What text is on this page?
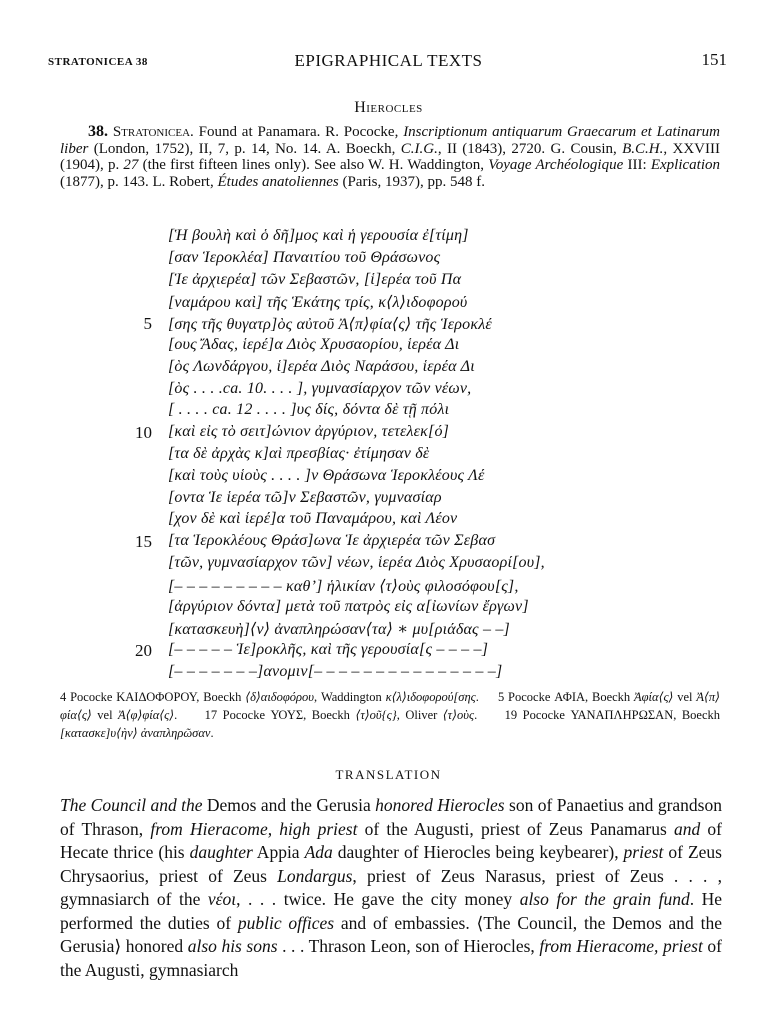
STRATONICEA 38	EPIGRAPHICAL TEXTS	151
Hierocles
38. Stratonicea. Found at Panamara. R. Pococke, Inscriptionum antiquarum Graecarum et Latinarum liber (London, 1752), II, 7, p. 14, No. 14. A. Boeckh, C.I.G., II (1843), 2720. G. Cousin, B.C.H., XXVIII (1904), p. 27 (the first fifteen lines only). See also W. H. Waddington, Voyage Archéologique III: Explication (1877), p. 143. L. Robert, Études anatoliennes (Paris, 1937), pp. 548 f.
[Ἡ βουλὴ καὶ ὁ δῆ]μος καὶ ἡ γερουσία ἐ[τίμη]
[σαν Ἱεροκλέα] Παναιτίου τοῦ Θράσωνος
[Ἱε ἀρχιερέα] τῶν Σεβαστῶν, [ἱ]ερέα τοῦ Πα
[ναμάρου καὶ] τῆς Ἑκάτης τρίς, κ⟨λ⟩ιδοφορού
5 [σης τῆς θυγατρ]ὸς αὐτοῦ Ἀ⟨π⟩φία⟨ς⟩ τῆς Ἱεροκλέ
[ους Ἄδας, ἱερέ]α Διὸς Χρυσαορίου, ἱερέα Δι
[ὸς Λωνδάργου, ἱ]ερέα Διὸς Ναράσου, ἱερέα Δι
[ὸς . . . .ca. 10. . . . ], γυμνασίαρχον τῶν νέων,
[ . . . . ca. 12 . . . . ]υς δίς, δόντα δὲ τῇ πόλι
10 [καὶ εἰς τὸ σειτ]ώνιον ἀργύριον, τετελεκ[ό]
[τα δὲ ἀρχὰς κ]αὶ πρεσβίας· ἐτίμησαν δὲ
[καὶ τοὺς υἱοὺς . . . . ]ν Θράσωνα Ἱεροκλέους Λέ
[οντα Ἱε ἱερέα τῶ]ν Σεβαστῶν, γυμνασίαρ
[χον δὲ καὶ ἱερέ]α τοῦ Παναμάρου, καὶ Λέον
15 [τα Ἱεροκλέους Θράσ]ωνα Ἱε ἀρχιερέα τῶν Σεβασ
[τῶν, γυμνασίαρχον τῶν] νέων, ἱερέα Διὸς Χρυσαορί[ου],
[– – – – – – – – – καθ’] ἡλικίαν ⟨τ⟩οὺς φιλοσόφου[ς],
[ἀργύριον δόντα] μετὰ τοῦ πατρὸς εἰς α[ἰωνίων ἔργων]
[κατασκευὴ]⟨ν⟩ ἀναπληρώσαν⟨τα⟩ ∗ μυ[ριάδας – –]
20 [– – – – – Ἱε]ροκλῆς, καὶ τῆς γερουσία[ς – – – –]
[– – – – – – –]ανομιν[– – – – – – – – – – – – – – –]
4 Pococke ΚΑΙΔΟΦΟΡΟΥ, Boeckh ⟨δ⟩αιδοφόρου, Waddington κ⟨λ⟩ιδοφορού[σης.     5 Pococke ΑΦΙΑ, Boeckh Ἀφία⟨ς⟩ vel Ἀ⟨π⟩φία⟨ς⟩ vel Ἀ⟨φ⟩φία⟨ς⟩.     17 Pococke ΥΟΥΣ, Boeckh ⟨τ⟩οῦ{ς}, Oliver ⟨τ⟩οὺς.     19 Pococke ΥΑΝΑΠΛΗΡΩΣΑΝ, Boeckh [κατασκε]υ⟨ὴν⟩ ἀναπληρῶσαν.
TRANSLATION
The Council and the Demos and the Gerusia honored Hierocles son of Panaetius and grandson of Thrason, from Hieracome, high priest of the Augusti, priest of Zeus Panamarus and of Hecate thrice (his daughter Appia Ada daughter of Hierocles being keybearer), priest of Zeus Chrysaorius, priest of Zeus Londargus, priest of Zeus Narasus, priest of Zeus . . . , gymnasiarch of the νέοι, . . . twice. He gave the city money also for the grain fund. He performed the duties of public offices and of embassies. ⟨The Council, the Demos and the Gerusia⟩ honored also his sons . . . Thrason Leon, son of Hierocles, from Hieracome, priest of the Augusti, gymnasiarch
